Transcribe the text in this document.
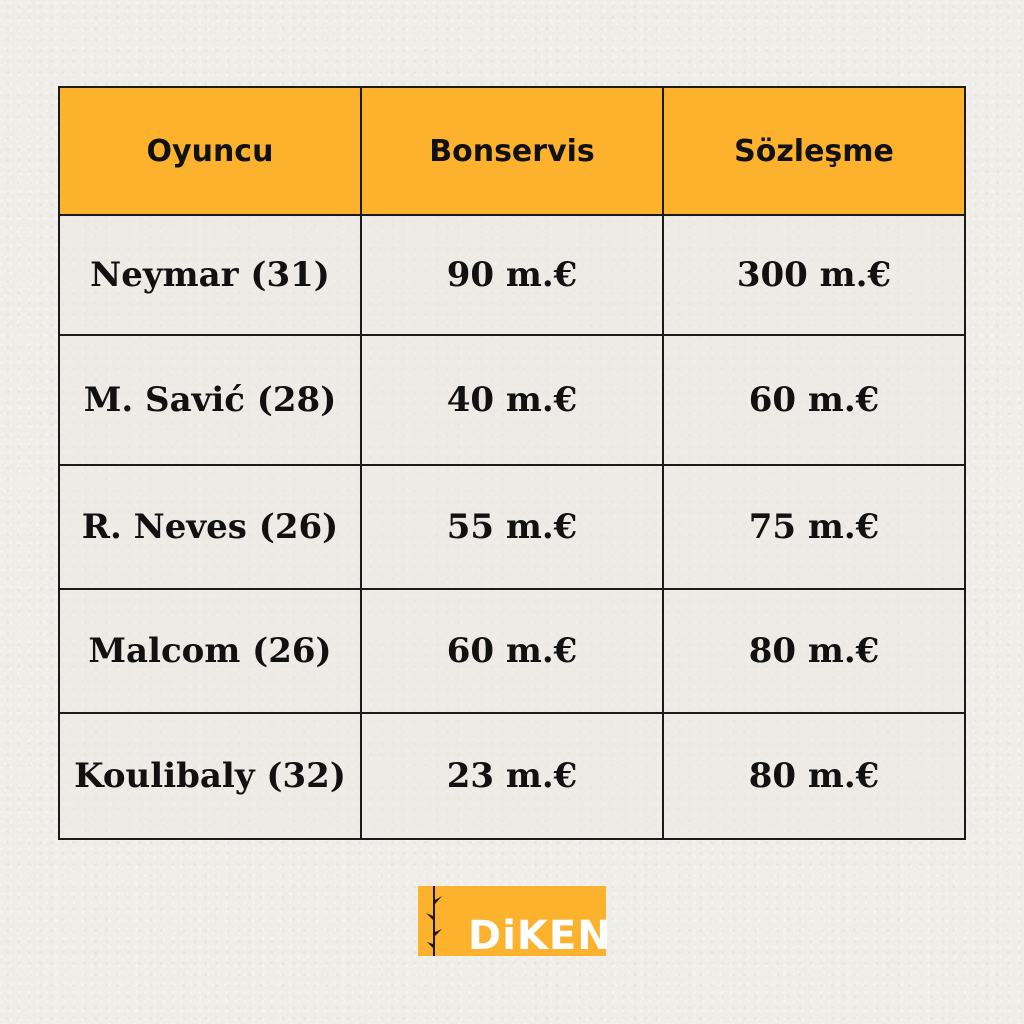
Oyuncu	Bonservis	Sözleşme
Neymar (31)	90 m.€	300 m.€
M. Savić (28)	40 m.€	60 m.€
R. Neves (26)	55 m.€	75 m.€
Malcom (26)	60 m.€	80 m.€
Koulibaly (32)	23 m.€	80 m.€
DiKEN
